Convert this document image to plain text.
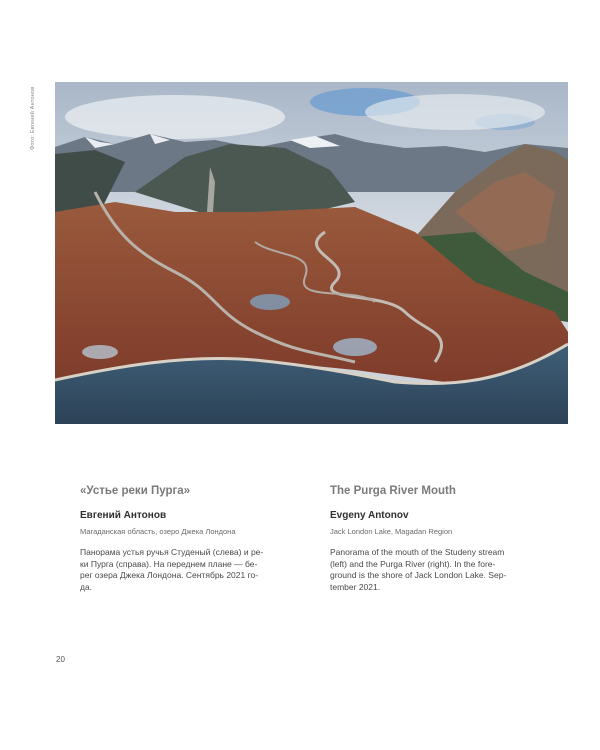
Фото: Евгений Антонов
«Устье реки Пурга»
Евгений Антонов
Магаданская область, озеро Джека Лондона
Панорама устья ручья Студеный (слева) и ре-
ки Пурга (справа). На переднем плане — бе-
рег озера Джека Лондона. Сентябрь 2021 го-
да.
The Purga River Mouth
Evgeny Antonov
Jack London Lake, Magadan Region
Panorama of the mouth of the Studeny stream
(left) and the Purga River (right). In the fore-
ground is the shore of Jack London Lake. Sep-
tember 2021.
20
